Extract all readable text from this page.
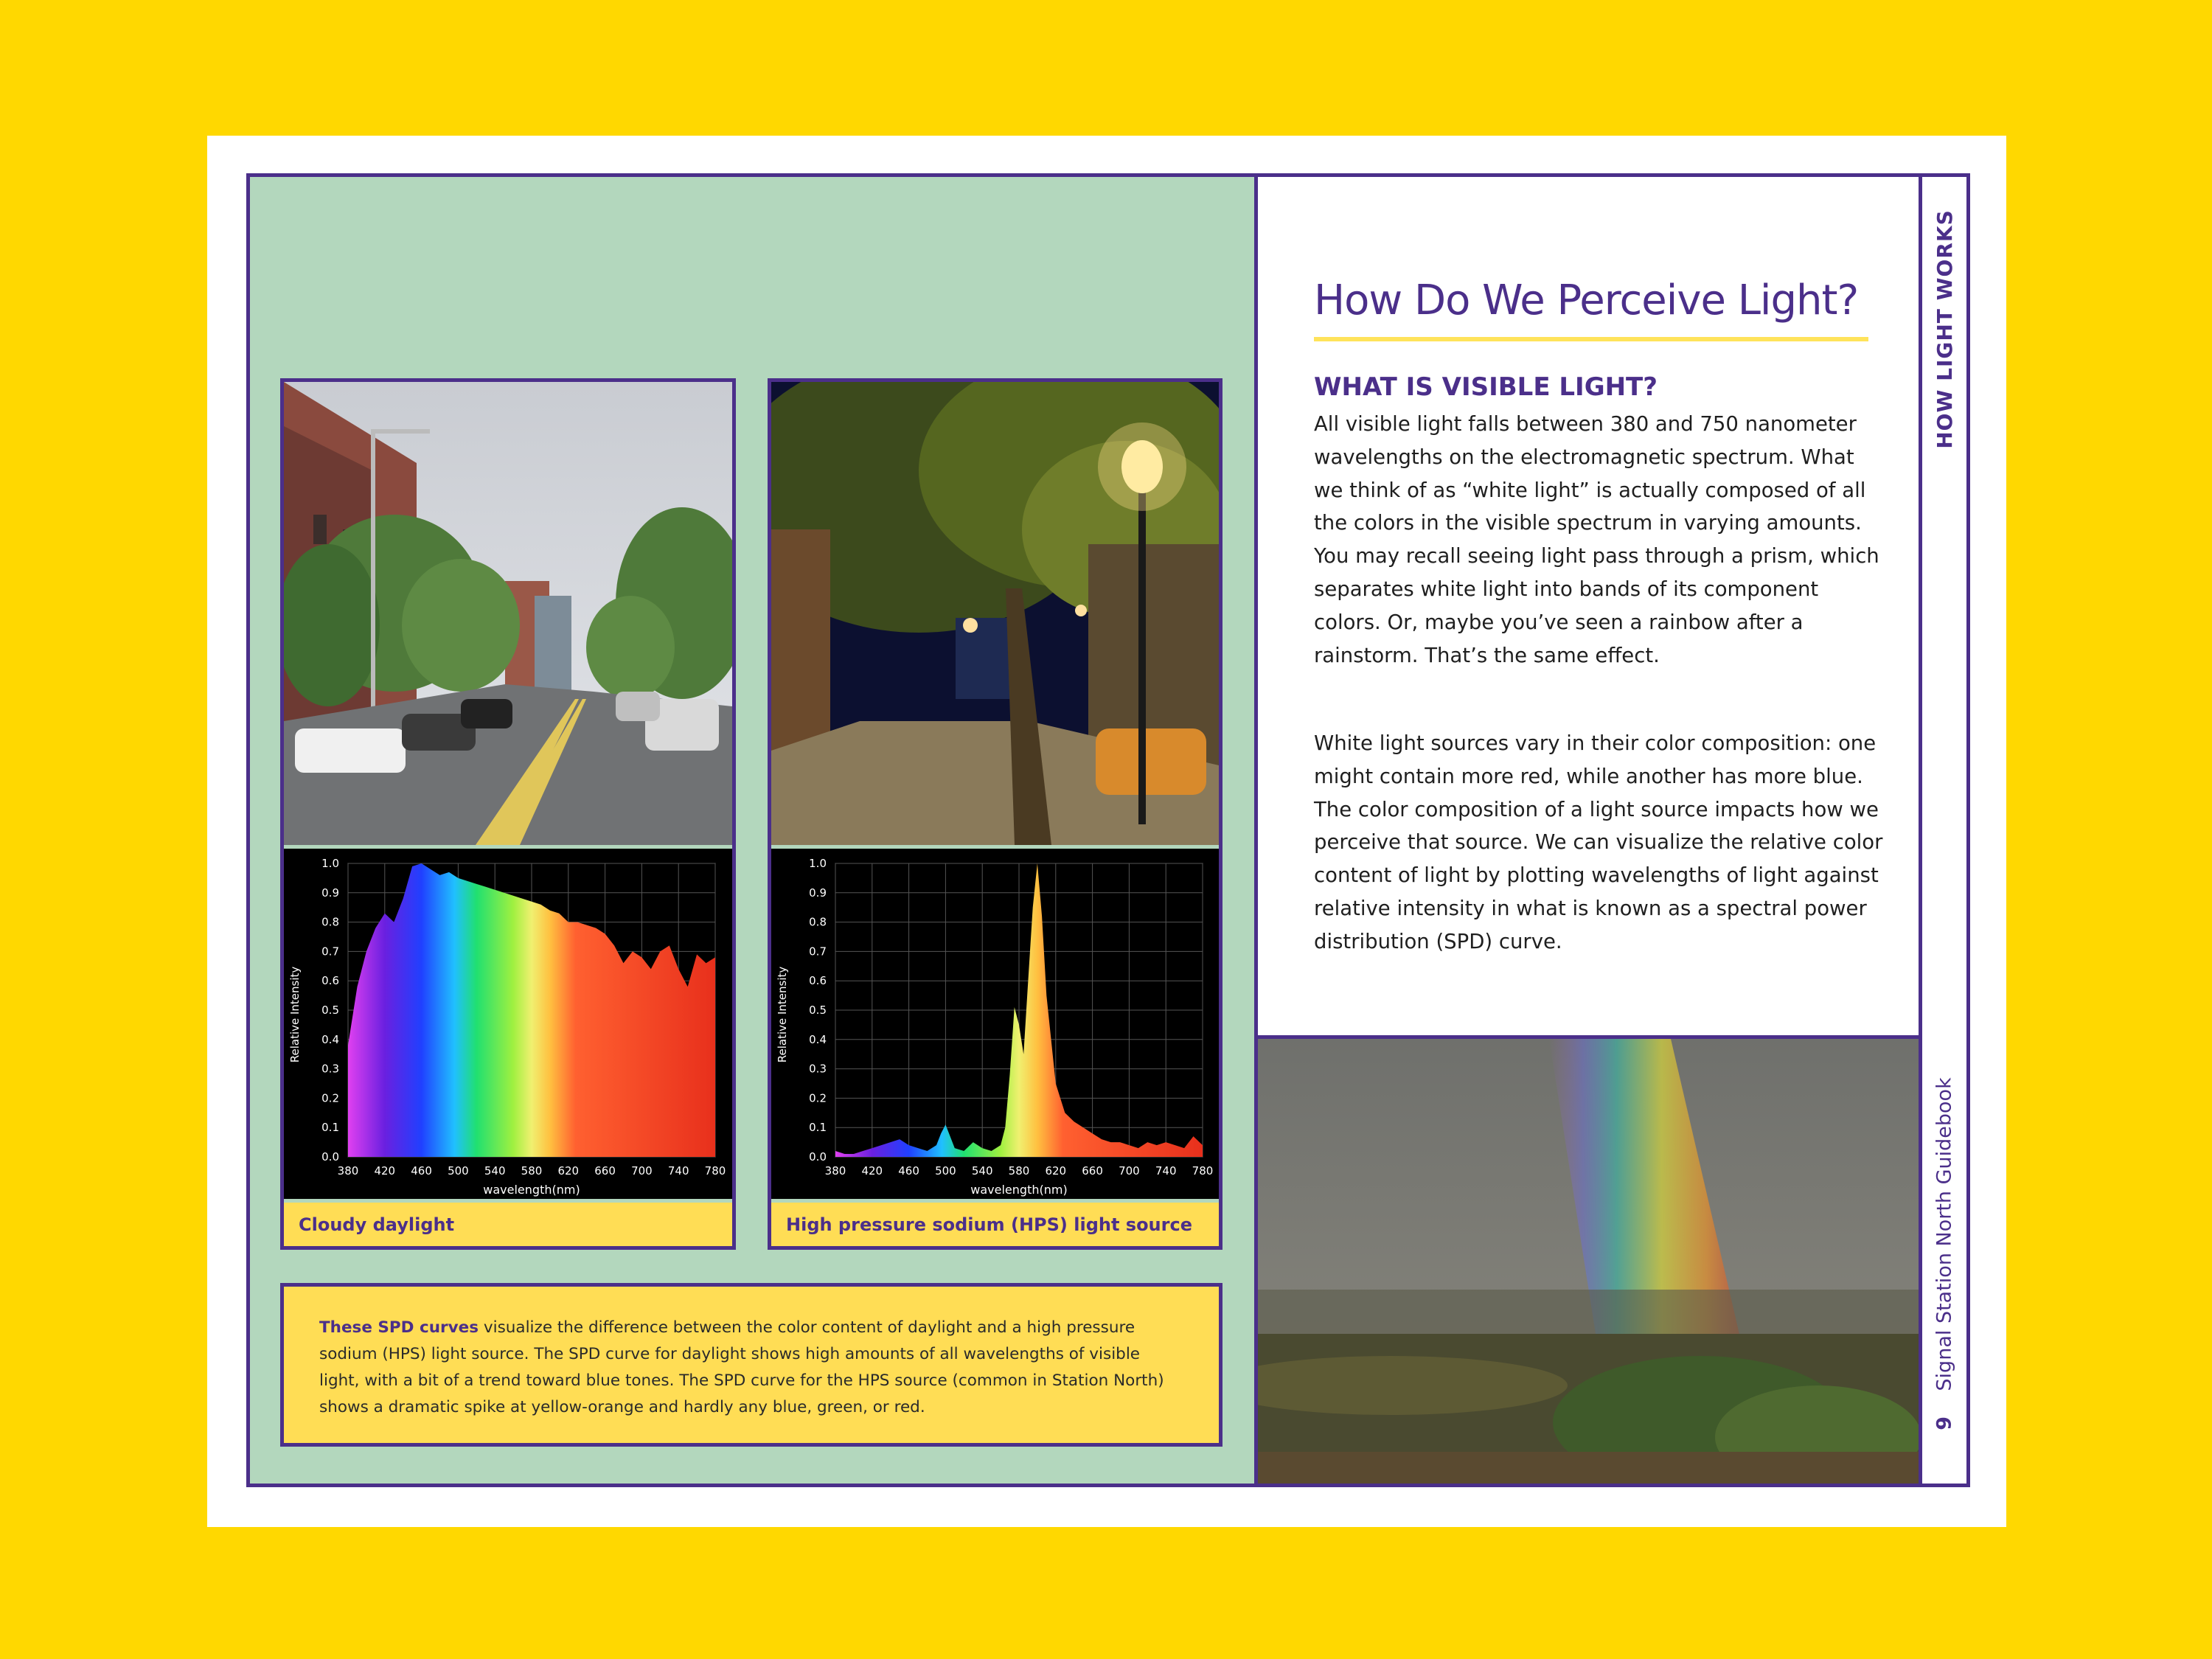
380 420 460 500 540 580 620 660 700 740 780
0.0
0.1
0.2
0.3
0.4
0.5
0.6
0.7
0.8
0.9
1.0
Relative Intensity
wavelength(nm)
Cloudy daylight
380 420 460 500 540 580 620 660 700 740 780
0.0
0.1
0.2
0.3
0.4
0.5
0.6
0.7
0.8
0.9
1.0
Relative Intensity
wavelength(nm)
High pressure sodium (HPS) light source
These SPD curves visualize the difference between the color content of daylight and a high pressure sodium (HPS) light source. The SPD curve for daylight shows high amounts of all wavelengths of visible light, with a bit of a trend toward blue tones. The SPD curve for the HPS source (common in Station North) shows a dramatic spike at yellow-orange and hardly any blue, green, or red.
How Do We Perceive Light?
WHAT IS VISIBLE LIGHT?

All visible light falls between 380 and 750 nanometer wavelengths on the electromagnetic spectrum. What we think of as “white light” is actually composed of all the colors in the visible spectrum in varying amounts. You may recall seeing light pass through a prism, which separates white light into bands of its component colors. Or, maybe you’ve seen a rainbow after a rainstorm. That’s the same effect.

White light sources vary in their color composition: one might contain more red, while another has more blue. The color composition of a light source impacts how we perceive that source. We can visualize the relative color content of light by plotting wavelengths of light against relative intensity in what is known as a spectral power distribution (SPD) curve.

HOW LIGHT WORKS
9    Signal Station North Guidebook
